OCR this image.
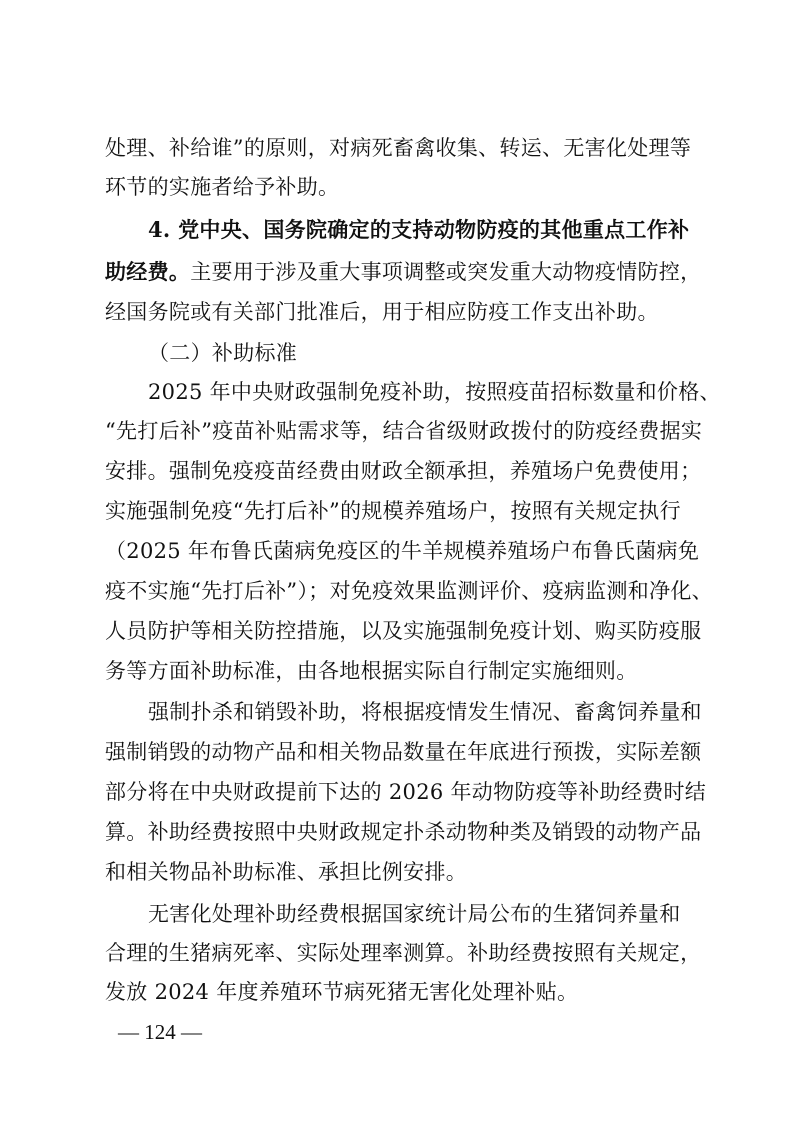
处理、补给谁”的原则，对病死畜禽收集、转运、无害化处理等
环节的实施者给予补助。
4. 党中央、国务院确定的支持动物防疫的其他重点工作补
助经费。主要用于涉及重大事项调整或突发重大动物疫情防控，
经国务院或有关部门批准后，用于相应防疫工作支出补助。
（二）补助标准
2025 年中央财政强制免疫补助，按照疫苗招标数量和价格、
“先打后补”疫苗补贴需求等，结合省级财政拨付的防疫经费据实
安排。强制免疫疫苗经费由财政全额承担，养殖场户免费使用；
实施强制免疫“先打后补”的规模养殖场户，按照有关规定执行
（2025 年布鲁氏菌病免疫区的牛羊规模养殖场户布鲁氏菌病免
疫不实施“先打后补”）；对免疫效果监测评价、疫病监测和净化、
人员防护等相关防控措施，以及实施强制免疫计划、购买防疫服
务等方面补助标准，由各地根据实际自行制定实施细则。
强制扑杀和销毁补助，将根据疫情发生情况、畜禽饲养量和
强制销毁的动物产品和相关物品数量在年底进行预拨，实际差额
部分将在中央财政提前下达的 2026 年动物防疫等补助经费时结
算。补助经费按照中央财政规定扑杀动物种类及销毁的动物产品
和相关物品补助标准、承担比例安排。
无害化处理补助经费根据国家统计局公布的生猪饲养量和
合理的生猪病死率、实际处理率测算。补助经费按照有关规定，
发放 2024 年度养殖环节病死猪无害化处理补贴。
— 124 —
